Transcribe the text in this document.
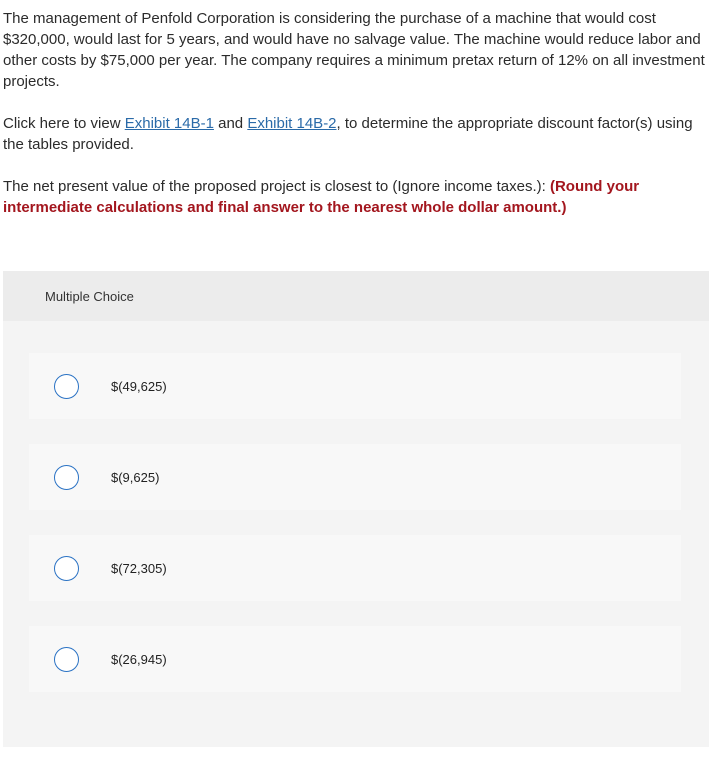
The management of Penfold Corporation is considering the purchase of a machine that would cost $320,000, would last for 5 years, and would have no salvage value. The machine would reduce labor and other costs by $75,000 per year. The company requires a minimum pretax return of 12% on all investment projects.

Click here to view Exhibit 14B-1 and Exhibit 14B-2, to determine the appropriate discount factor(s) using the tables provided.

The net present value of the proposed project is closest to (Ignore income taxes.): (Round your intermediate calculations and final answer to the nearest whole dollar amount.)

Multiple Choice
$(49,625)
$(9,625)
$(72,305)
$(26,945)
